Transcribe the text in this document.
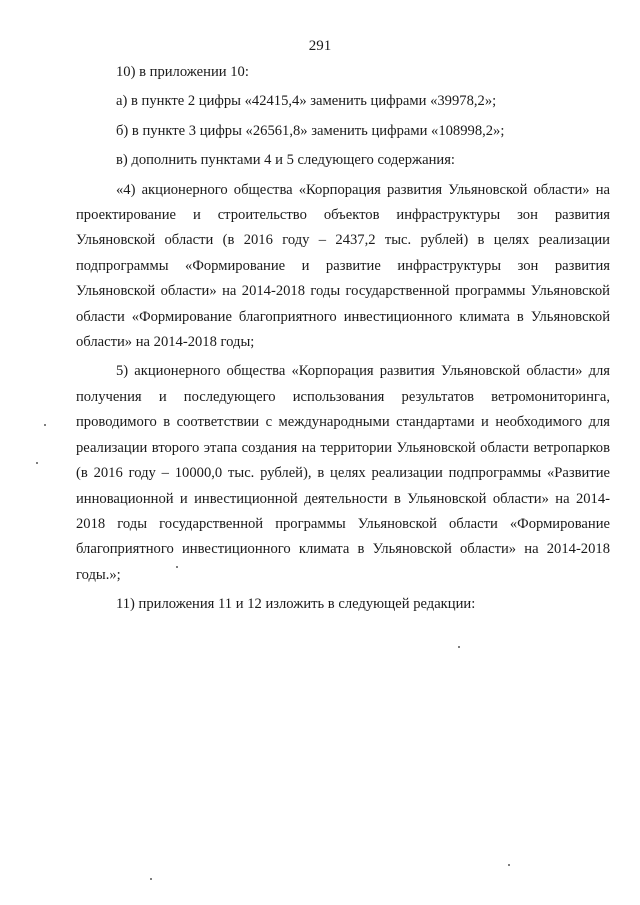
291

10) в приложении 10:

а) в пункте 2 цифры «42415,4» заменить цифрами «39978,2»;

б) в пункте 3 цифры «26561,8» заменить цифрами «108998,2»;

в) дополнить пунктами 4 и 5 следующего содержания:

«4) акционерного общества «Корпорация развития Ульяновской области» на проектирование и строительство объектов инфраструктуры зон развития Ульяновской области (в 2016 году – 2437,2 тыс. рублей) в целях реализации подпрограммы «Формирование и развитие инфраструктуры зон развития Ульяновской области» на 2014-2018 годы государственной программы Ульяновской области «Формирование благоприятного инвестиционного климата в Ульяновской области» на 2014-2018 годы;

5) акционерного общества «Корпорация развития Ульяновской области» для получения и последующего использования результатов ветромониторинга, проводимого в соответствии с международными стандартами и необходимого для реализации второго этапа создания на территории Ульяновской области ветропарков (в 2016 году – 10000,0 тыс. рублей), в целях реализации подпрограммы «Развитие инновационной и инвестиционной деятельности в Ульяновской области» на 2014-2018 годы государственной программы Ульяновской области «Формирование благоприятного инвестиционного климата в Ульяновской области» на 2014-2018 годы.»;

11) приложения 11 и 12 изложить в следующей редакции:
